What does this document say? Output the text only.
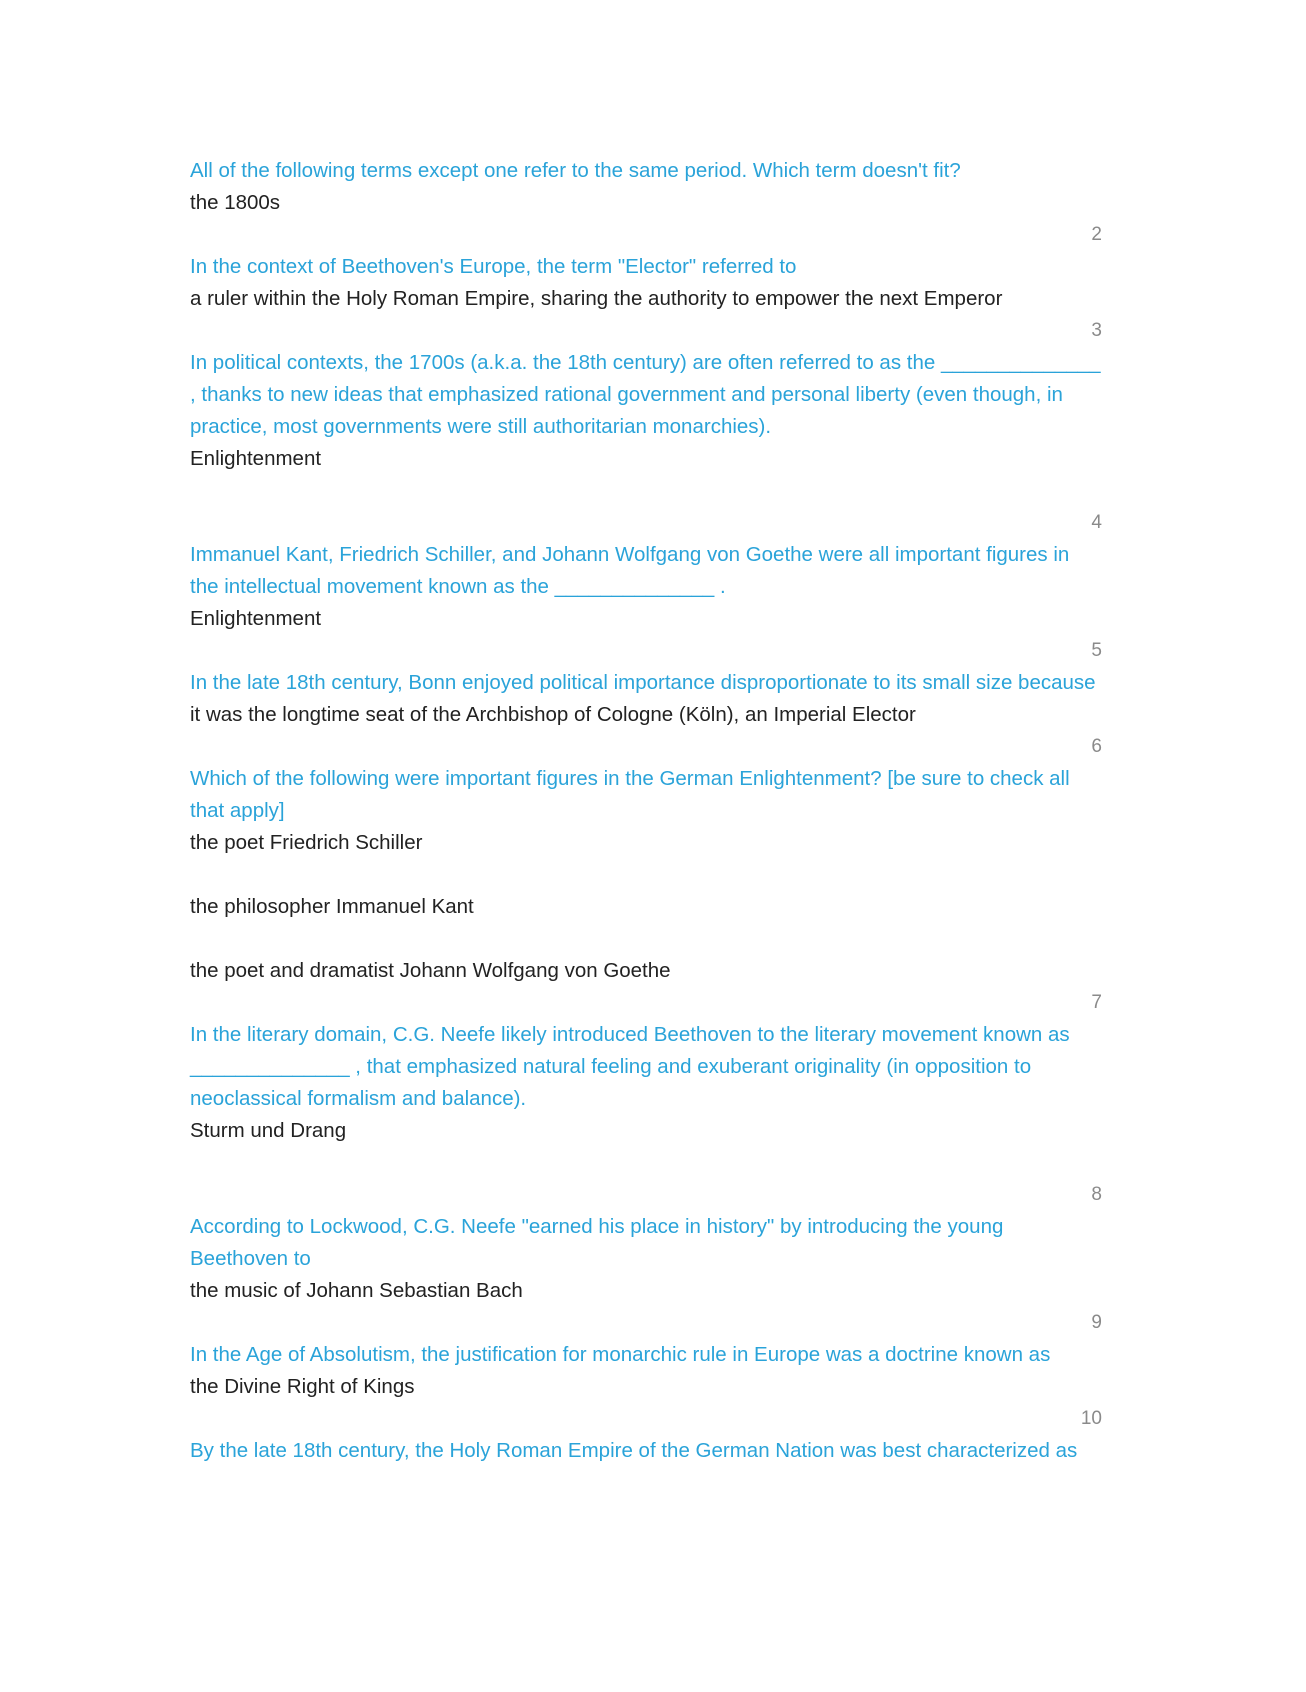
All of the following terms except one refer to the same period. Which term doesn't fit?
the 1800s
2
In the context of Beethoven's Europe, the term "Elector" referred to
a ruler within the Holy Roman Empire, sharing the authority to empower the next Emperor
3
In political contexts, the 1700s (a.k.a. the 18th century) are often referred to as the ______________ , thanks to new ideas that emphasized rational government and personal liberty (even though, in practice, most governments were still authoritarian monarchies).
Enlightenment
4
Immanuel Kant, Friedrich Schiller, and Johann Wolfgang von Goethe were all important figures in the intellectual movement known as the ______________ .
Enlightenment
5
In the late 18th century, Bonn enjoyed political importance disproportionate to its small size because
it was the longtime seat of the Archbishop of Cologne (Köln), an Imperial Elector
6
Which of the following were important figures in the German Enlightenment? [be sure to check all that apply]
the poet Friedrich Schiller
the philosopher Immanuel Kant
the poet and dramatist Johann Wolfgang von Goethe
7
In the literary domain, C.G. Neefe likely introduced Beethoven to the literary movement known as ______________ , that emphasized natural feeling and exuberant originality (in opposition to neoclassical formalism and balance).
Sturm und Drang
8
According to Lockwood, C.G. Neefe "earned his place in history" by introducing the young Beethoven to
the music of Johann Sebastian Bach
9
In the Age of Absolutism, the justification for monarchic rule in Europe was a doctrine known as
the Divine Right of Kings
10
By the late 18th century, the Holy Roman Empire of the German Nation was best characterized as
